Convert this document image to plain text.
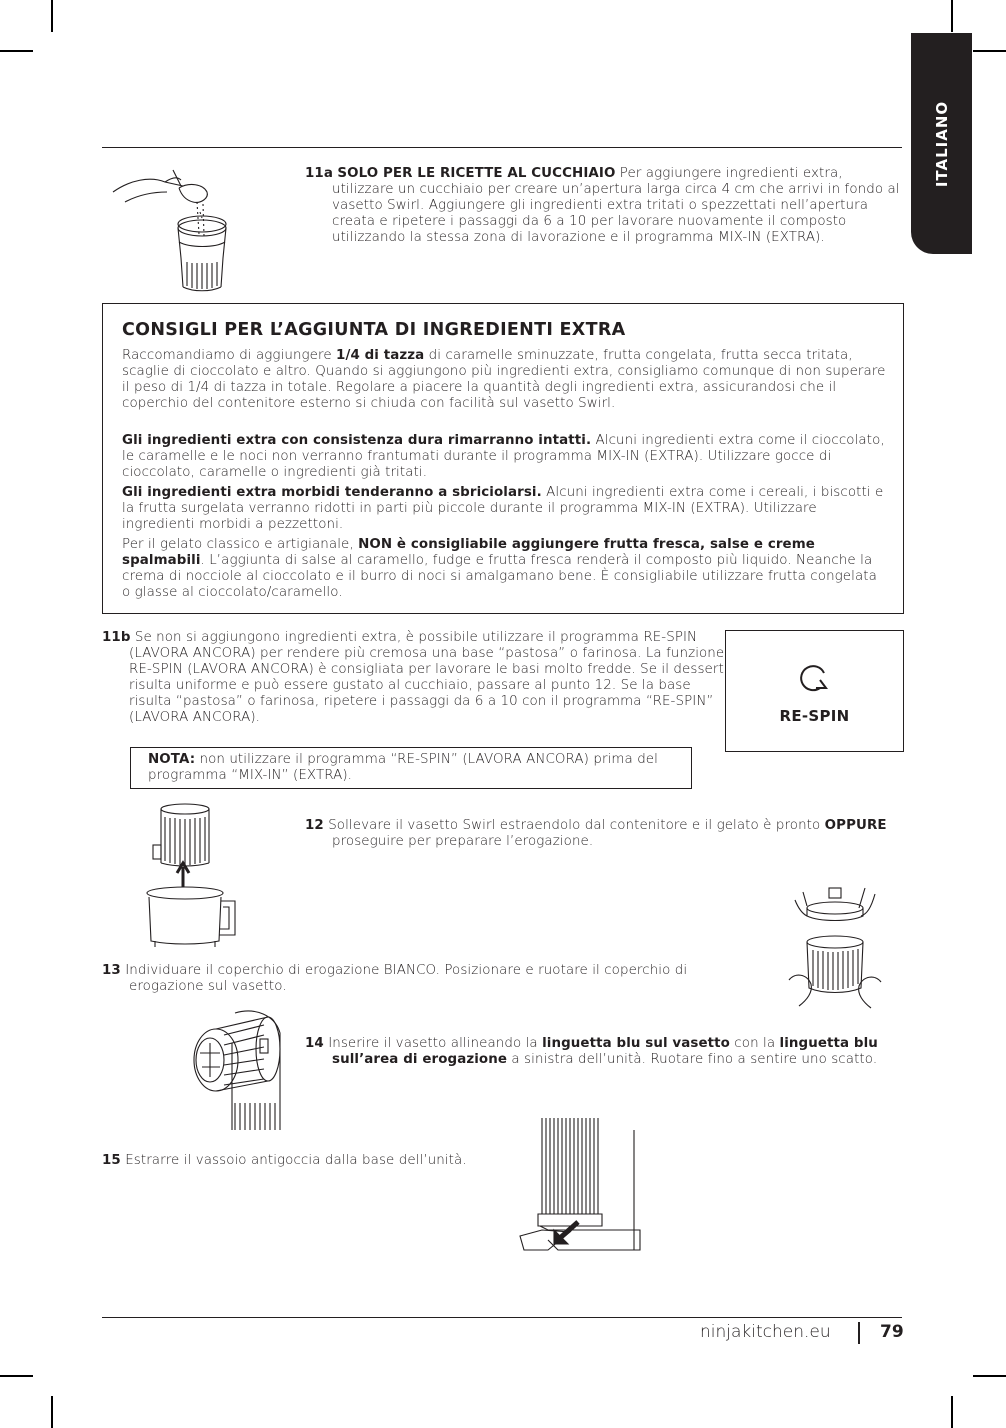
ITALIANO
11a SOLO PER LE RICETTE AL CUCCHIAIO Per aggiungere ingredienti extra, utilizzare un cucchiaio per creare un’apertura larga circa 4 cm che arrivi in fondo al vasetto Swirl. Aggiungere gli ingredienti extra tritati o spezzettati nell’apertura creata e ripetere i passaggi da 6 a 10 per lavorare nuovamente il composto utilizzando la stessa zona di lavorazione e il programma MIX-IN (EXTRA).
CONSIGLI PER L’AGGIUNTA DI INGREDIENTI EXTRA
Raccomandiamo di aggiungere 1/4 di tazza di caramelle sminuzzate, frutta congelata, frutta secca tritata, scaglie di cioccolato e altro. Quando si aggiungono più ingredienti extra, consigliamo comunque di non superare il peso di 1/4 di tazza in totale. Regolare a piacere la quantità degli ingredienti extra, assicurandosi che il coperchio del contenitore esterno si chiuda con facilità sul vasetto Swirl.
Gli ingredienti extra con consistenza dura rimarranno intatti. Alcuni ingredienti extra come il cioccolato, le caramelle e le noci non verranno frantumati durante il programma MIX-IN (EXTRA). Utilizzare gocce di cioccolato, caramelle o ingredienti già tritati.
Gli ingredienti extra morbidi tenderanno a sbriciolarsi. Alcuni ingredienti extra come i cereali, i biscotti e la frutta surgelata verranno ridotti in parti più piccole durante il programma MIX-IN (EXTRA). Utilizzare ingredienti morbidi a pezzettoni.
Per il gelato classico e artigianale, NON è consigliabile aggiungere frutta fresca, salse e creme spalmabili. L’aggiunta di salse al caramello, fudge e frutta fresca renderà il composto più liquido. Neanche la crema di nocciole al cioccolato e il burro di noci si amalgamano bene. È consigliabile utilizzare frutta congelata o glasse al cioccolato/caramello.
11b Se non si aggiungono ingredienti extra, è possibile utilizzare il programma RE-SPIN (LAVORA ANCORA) per rendere più cremosa una base “pastosa” o farinosa. La funzione RE-SPIN (LAVORA ANCORA) è consigliata per lavorare le basi molto fredde. Se il dessert risulta uniforme e può essere gustato al cucchiaio, passare al punto 12. Se la base risulta “pastosa” o farinosa, ripetere i passaggi da 6 a 10 con il programma “RE-SPIN” (LAVORA ANCORA).
NOTA: non utilizzare il programma “RE-SPIN” (LAVORA ANCORA) prima del programma “MIX-IN” (EXTRA).
RE-SPIN
12 Sollevare il vasetto Swirl estraendolo dal contenitore e il gelato è pronto OPPURE proseguire per preparare l’erogazione.
13 Individuare il coperchio di erogazione BIANCO. Posizionare e ruotare il coperchio di erogazione sul vasetto.
14 Inserire il vasetto allineando la linguetta blu sul vasetto con la linguetta blu sull’area di erogazione a sinistra dell’unità. Ruotare fino a sentire uno scatto.
15 Estrarre il vassoio antigoccia dalla base dell’unità.
ninjakitchen.eu	79
